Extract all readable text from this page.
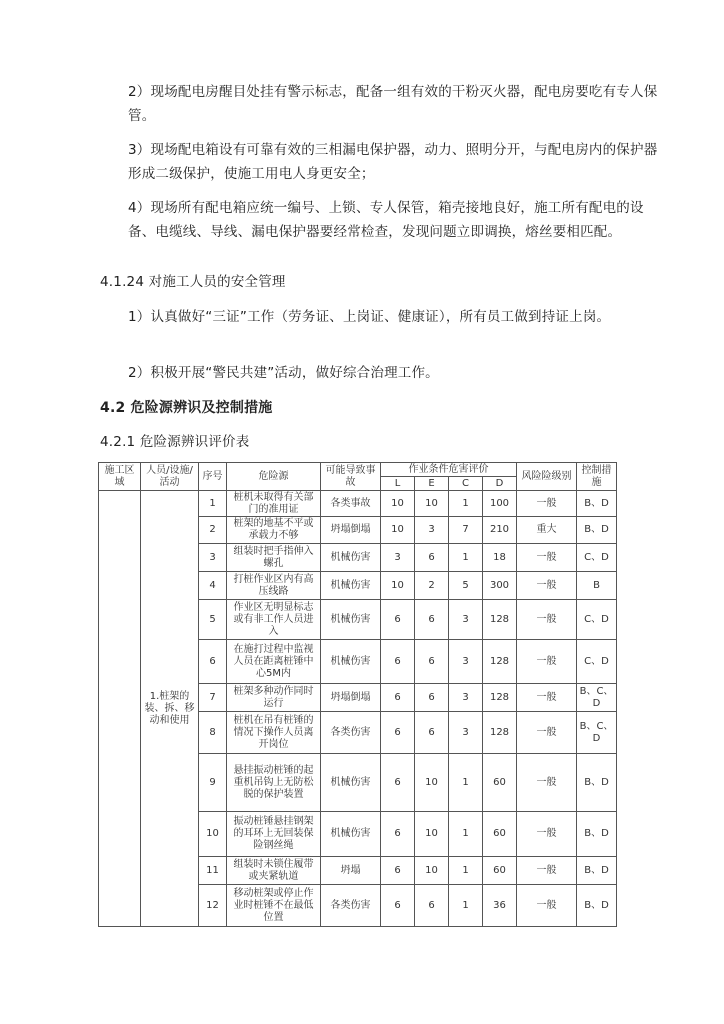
2）现场配电房醒目处挂有警示标志，配备一组有效的干粉灭火器，配电房要吃有专人保管。
3）现场配电箱设有可靠有效的三相漏电保护器，动力、照明分开，与配电房内的保护器形成二级保护，使施工用电人身更安全；
4）现场所有配电箱应统一编号、上锁、专人保管，箱壳接地良好，施工所有配电的设备、电缆线、导线、漏电保护器要经常检查，发现问题立即调换，熔丝要相匹配。
4.1.24 对施工人员的安全管理
1）认真做好“三证”工作（劳务证、上岗证、健康证），所有员工做到持证上岗。
2）积极开展“警民共建”活动，做好综合治理工作。
4.2 危险源辨识及控制措施
4.2.1 危险源辨识评价表
施工区域	人员/设施/活动	序号	危险源	可能导致事故	作业条件危害评价				风险险级别	控制措施
					L	E	C	D		
	1.桩架的装、拆、移动和使用	1	桩机未取得有关部门的准用证	各类事故	10	10	1	100	一般	B、D
		2	桩架的地基不平或承载力不够	坍塌倒塌	10	3	7	210	重大	B、D
		3	组装时把手指伸入螺孔	机械伤害	3	6	1	18	一般	C、D
		4	打桩作业区内有高压线路	机械伤害	10	2	5	300	一般	B
		5	作业区无明显标志或有非工作人员进入	机械伤害	6	6	3	128	一般	C、D
		6	在施打过程中监视人员在距离桩锤中心5M内	机械伤害	6	6	3	128	一般	C、D
		7	桩架多种动作同时运行	坍塌倒塌	6	6	3	128	一般	B、C、D
		8	桩机在吊有桩锤的情况下操作人员离开岗位	各类伤害	6	6	3	128	一般	B、C、D
		9	悬挂振动桩锤的起重机吊钩上无防松脱的保护装置	机械伤害	6	10	1	60	一般	B、D
		10	振动桩锤悬挂钢架的耳环上无回装保险钢丝绳	机械伤害	6	10	1	60	一般	B、D
		11	组装时未锁住履带或夹紧轨道	坍塌	6	10	1	60	一般	B、D
		12	移动桩架或停止作业时桩锤不在最低位置	各类伤害	6	6	1	36	一般	B、D
